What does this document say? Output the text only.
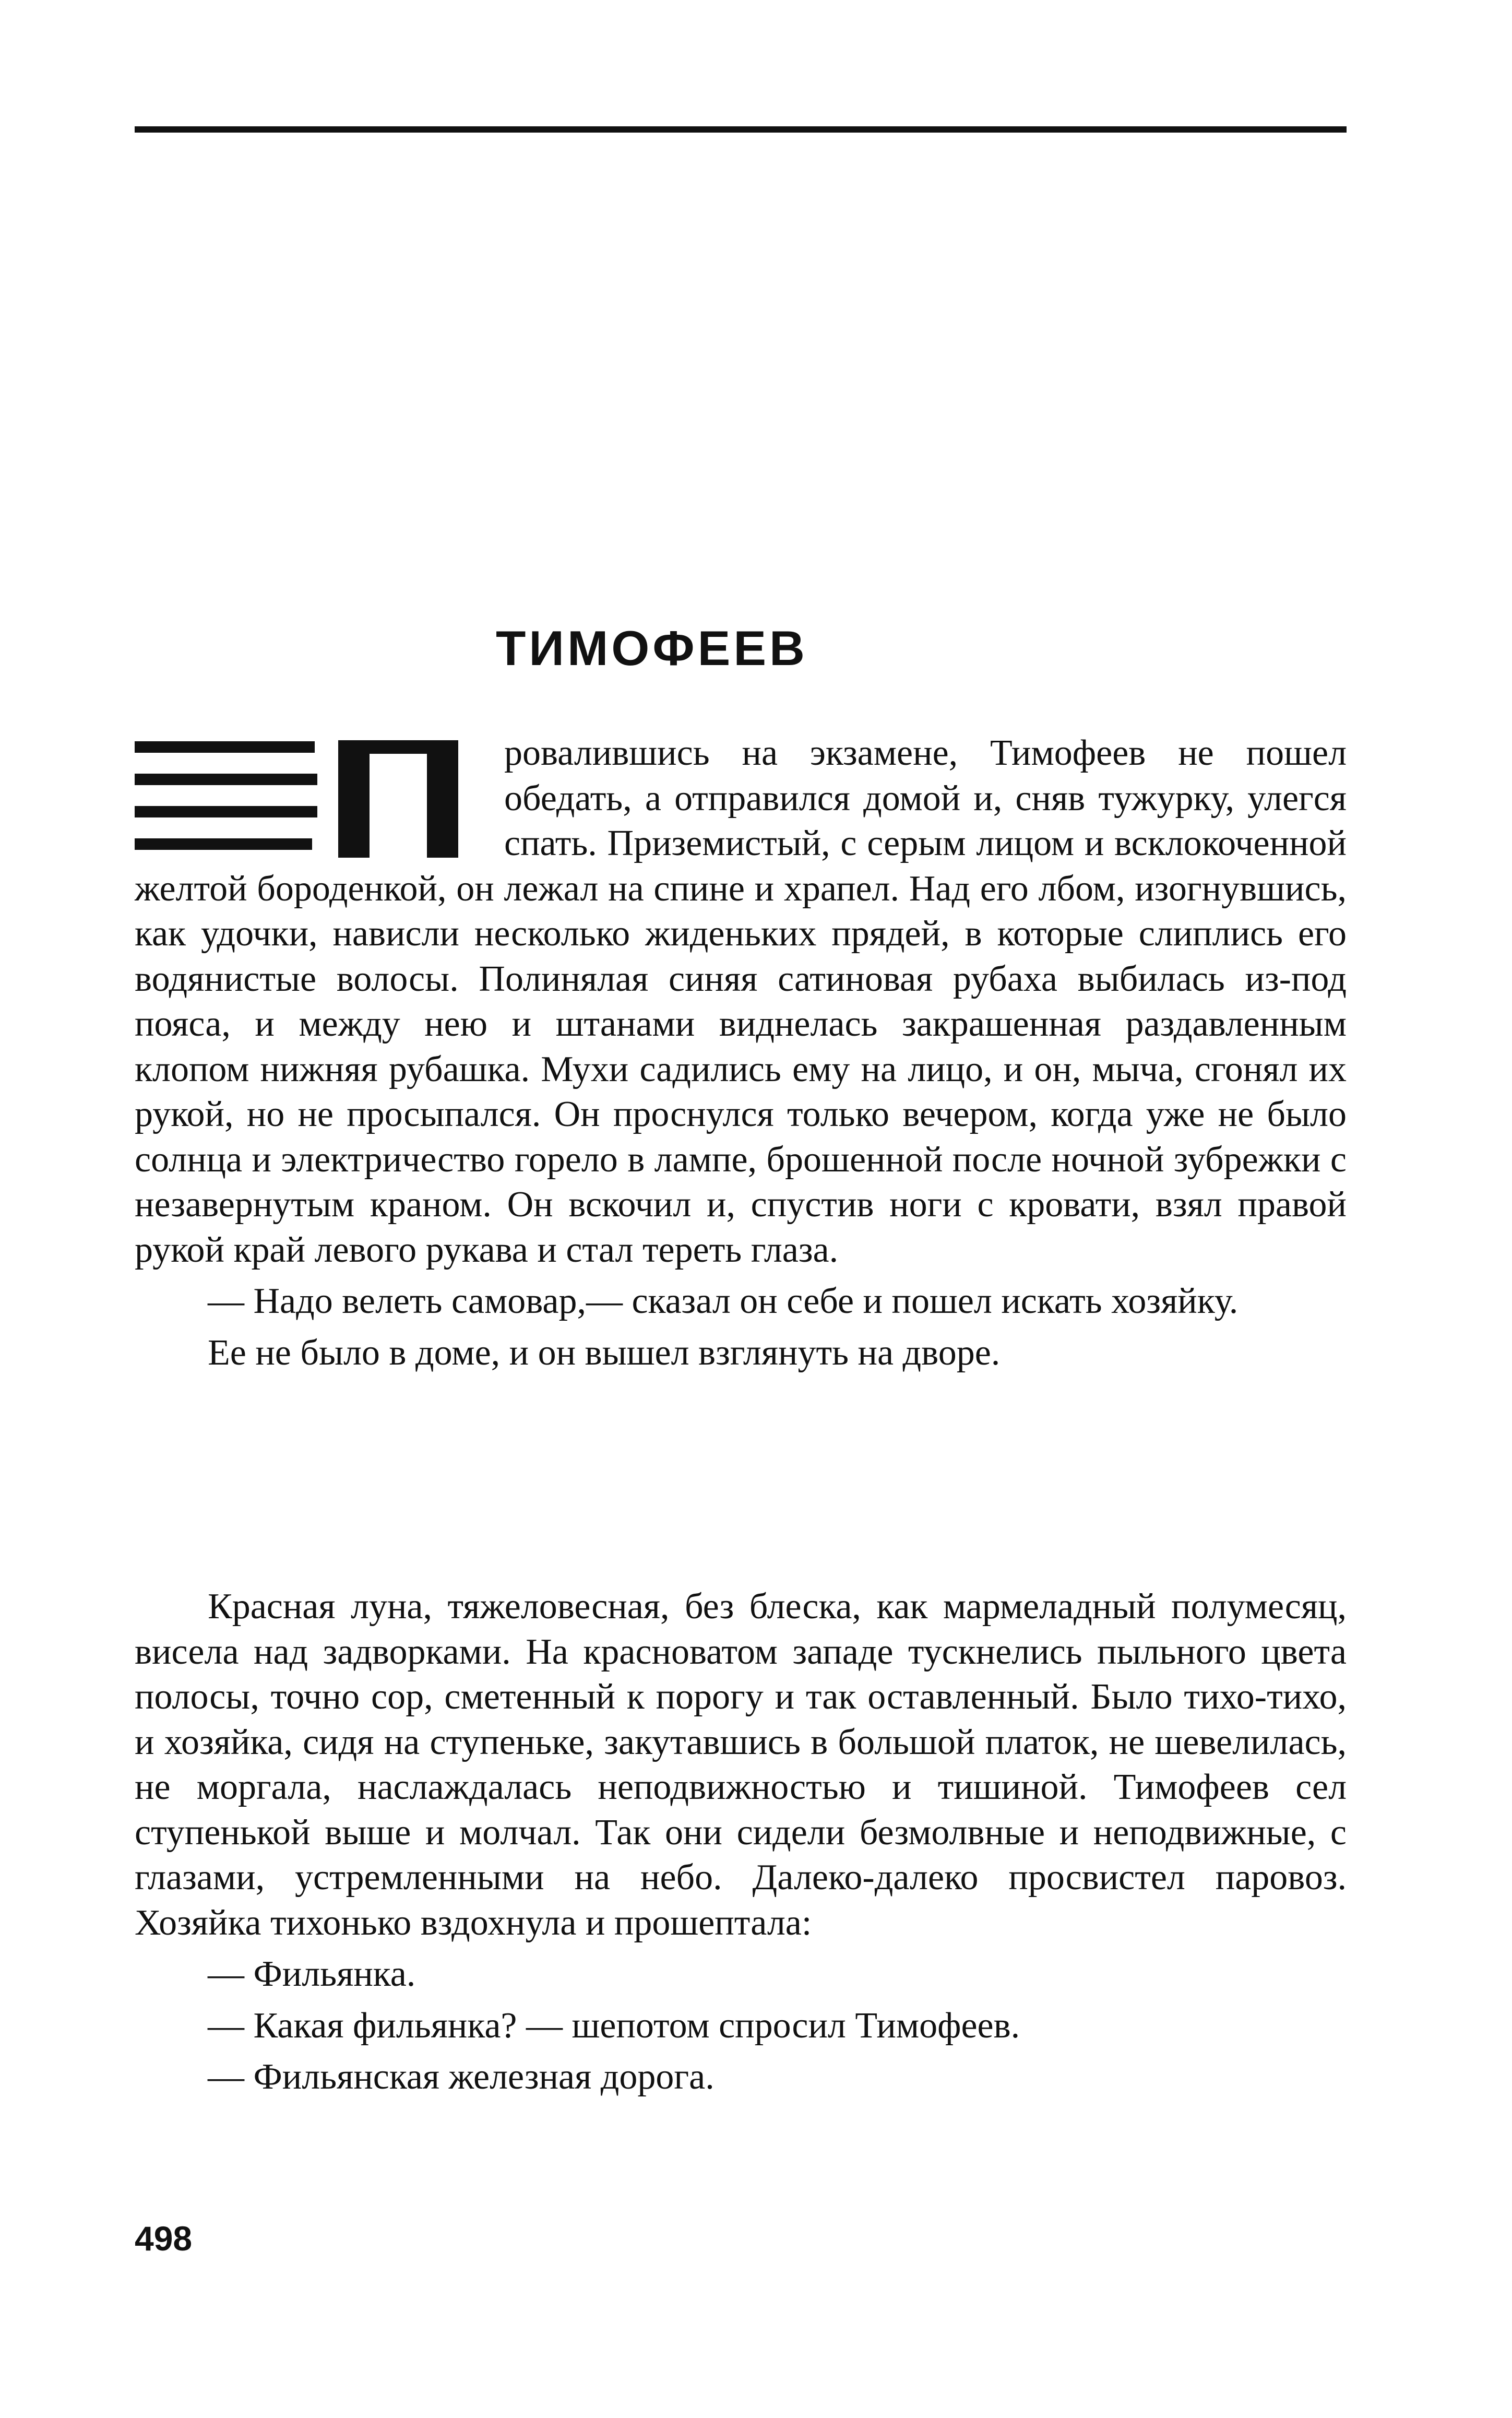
ТИМОФЕЕВ

ровалившись на экзамене, Тимофеев не пошел обедать, а отправился домой и, сняв тужурку, улегся спать. Приземистый, с серым лицом и всклокоченной желтой бороденкой, он лежал на спине и храпел. Над его лбом, изогнувшись, как удочки, нависли несколько жиденьких прядей, в которые слиплись его водянистые волосы. Полинялая синяя сатиновая рубаха выбилась из-под пояса, и между нею и штанами виднелась закрашенная раздавленным клопом нижняя рубашка. Мухи садились ему на лицо, и он, мыча, сгонял их рукой, но не просыпался. Он проснулся только вечером, когда уже не было солнца и электричество горело в лампе, брошенной после ночной зубрежки с незавернутым краном. Он вскочил и, спустив ноги с кровати, взял правой рукой край левого рукава и стал тереть глаза.

— Надо велеть самовар,— сказал он себе и пошел искать хозяйку.

Ее не было в доме, и он вышел взглянуть на дворе.

Красная луна, тяжеловесная, без блеска, как мармеладный полумесяц, висела над задворками. На красноватом западе тускнелись пыльного цвета полосы, точно сор, сметенный к порогу и так оставленный. Было тихо-тихо, и хозяйка, сидя на ступеньке, закутавшись в большой платок, не шевелилась, не моргала, наслаждалась неподвижностью и тишиной. Тимофеев сел ступенькой выше и молчал. Так они сидели безмолвные и неподвижные, с глазами, устремленными на небо. Далеко-далеко просвистел паровоз. Хозяйка тихонько вздохнула и прошептала:

— Фильянка.

— Какая фильянка? — шепотом спросил Тимофеев.

— Фильянская железная дорога.

498
